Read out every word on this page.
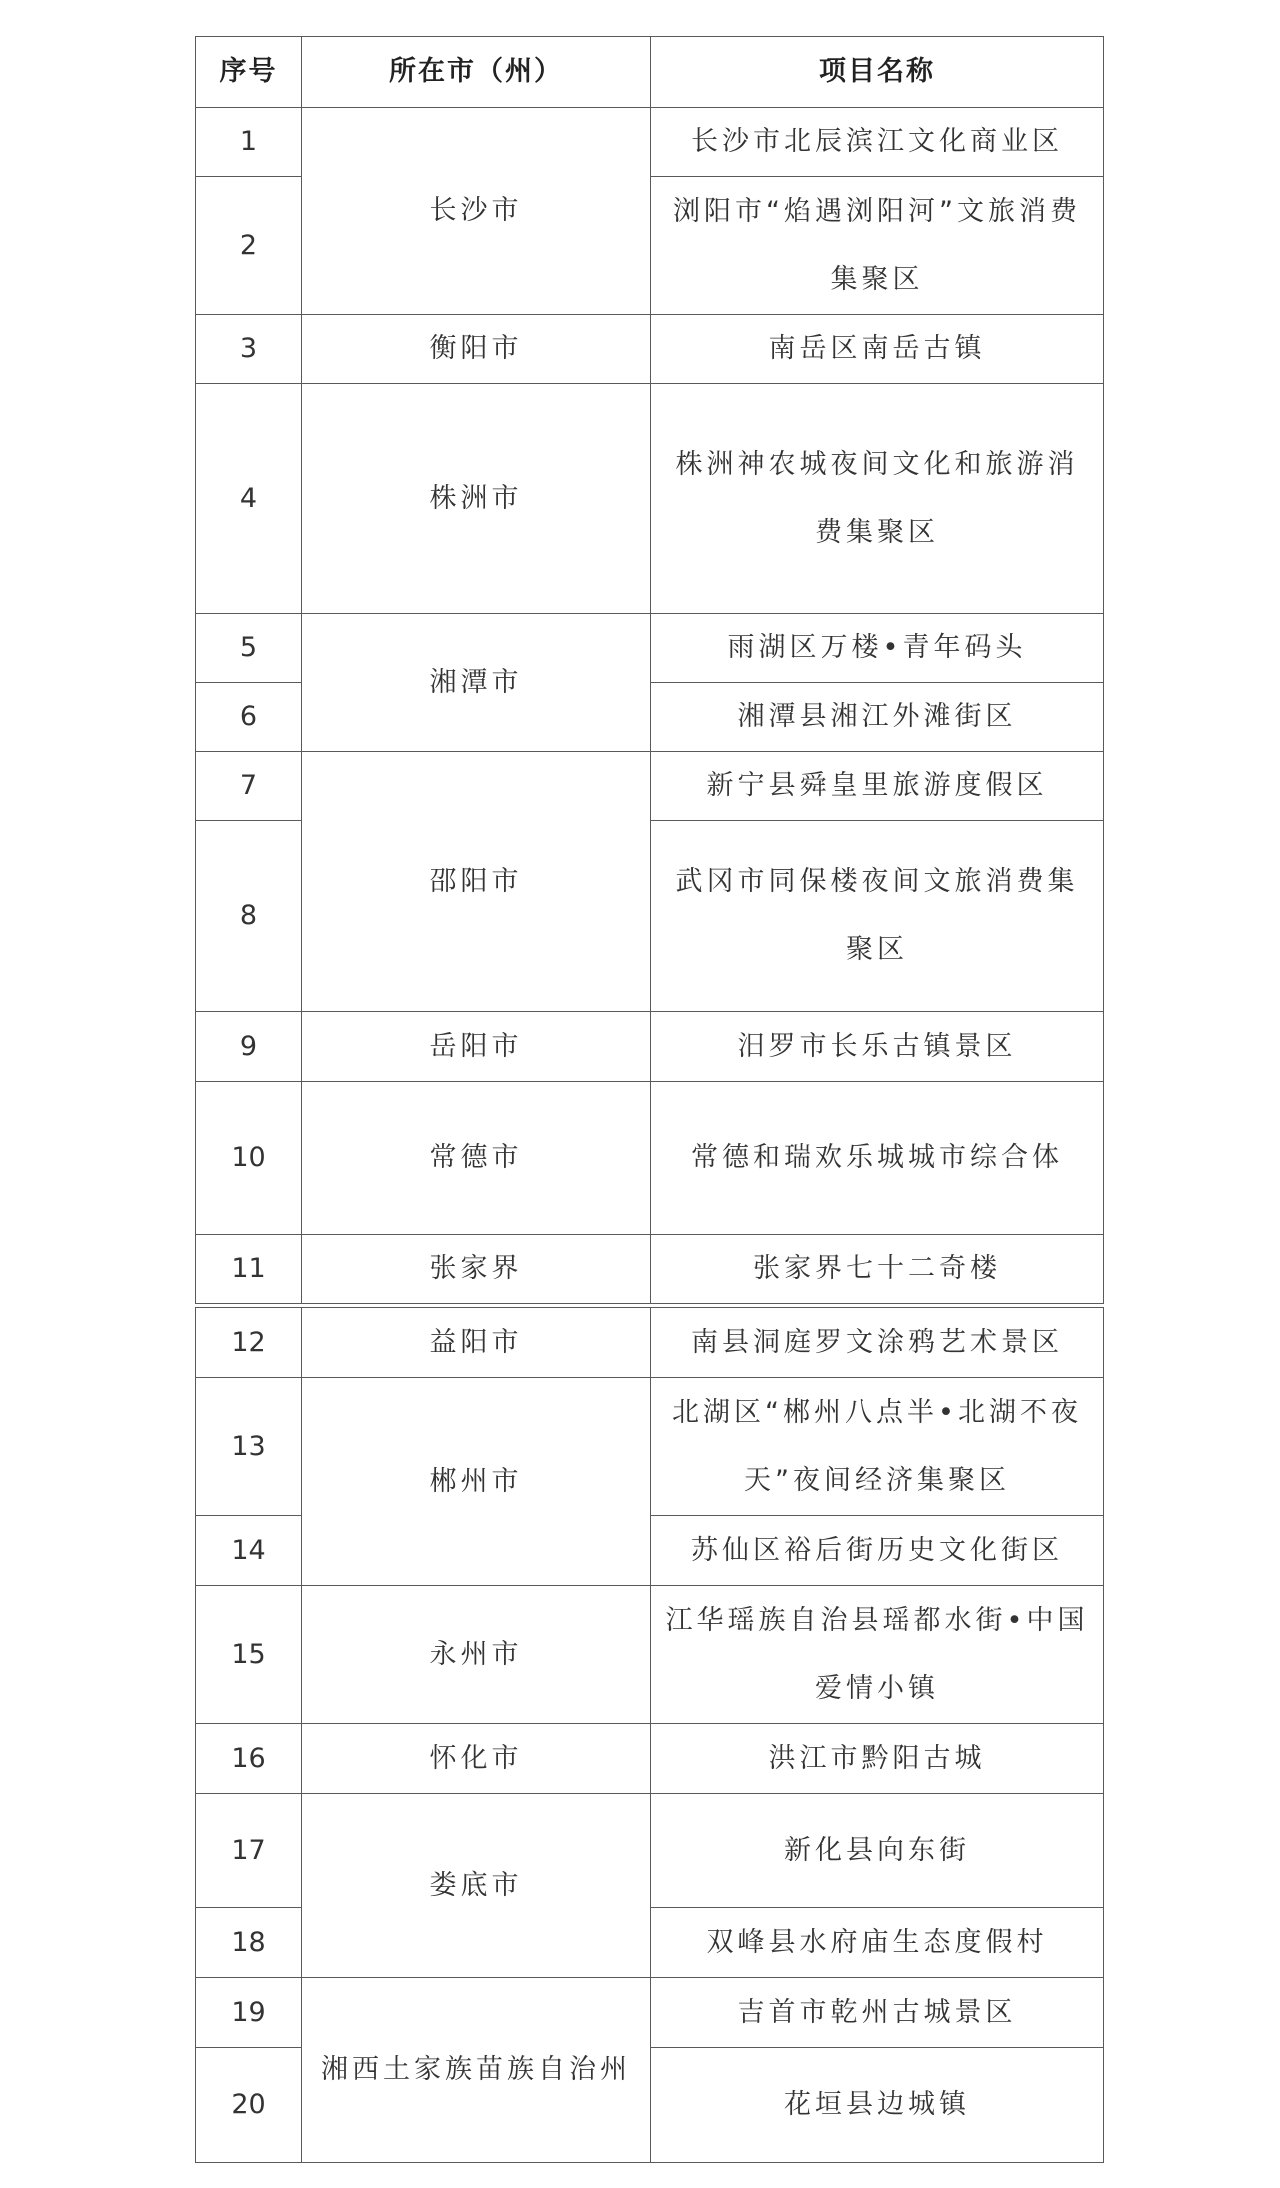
序号	所在市（州）	项目名称
1	长沙市	长沙市北辰滨江文化商业区
2		浏阳市“焰遇浏阳河”文旅消费集聚区
3	衡阳市	南岳区南岳古镇
4	株洲市	株洲神农城夜间文化和旅游消费集聚区
5	湘潭市	雨湖区万楼•青年码头
6		湘潭县湘江外滩街区
7	邵阳市	新宁县舜皇里旅游度假区
8		武冈市同保楼夜间文旅消费集聚区
9	岳阳市	汨罗市长乐古镇景区
10	常德市	常德和瑞欢乐城城市综合体
11	张家界	张家界七十二奇楼
12	益阳市	南县洞庭罗文涂鸦艺术景区
13	郴州市	北湖区“郴州八点半•北湖不夜天”夜间经济集聚区
14		苏仙区裕后街历史文化街区
15	永州市	江华瑶族自治县瑶都水街•中国爱情小镇
16	怀化市	洪江市黔阳古城
17	娄底市	新化县向东街
18		双峰县水府庙生态度假村
19	湘西土家族苗族自治州	吉首市乾州古城景区
20		花垣县边城镇
